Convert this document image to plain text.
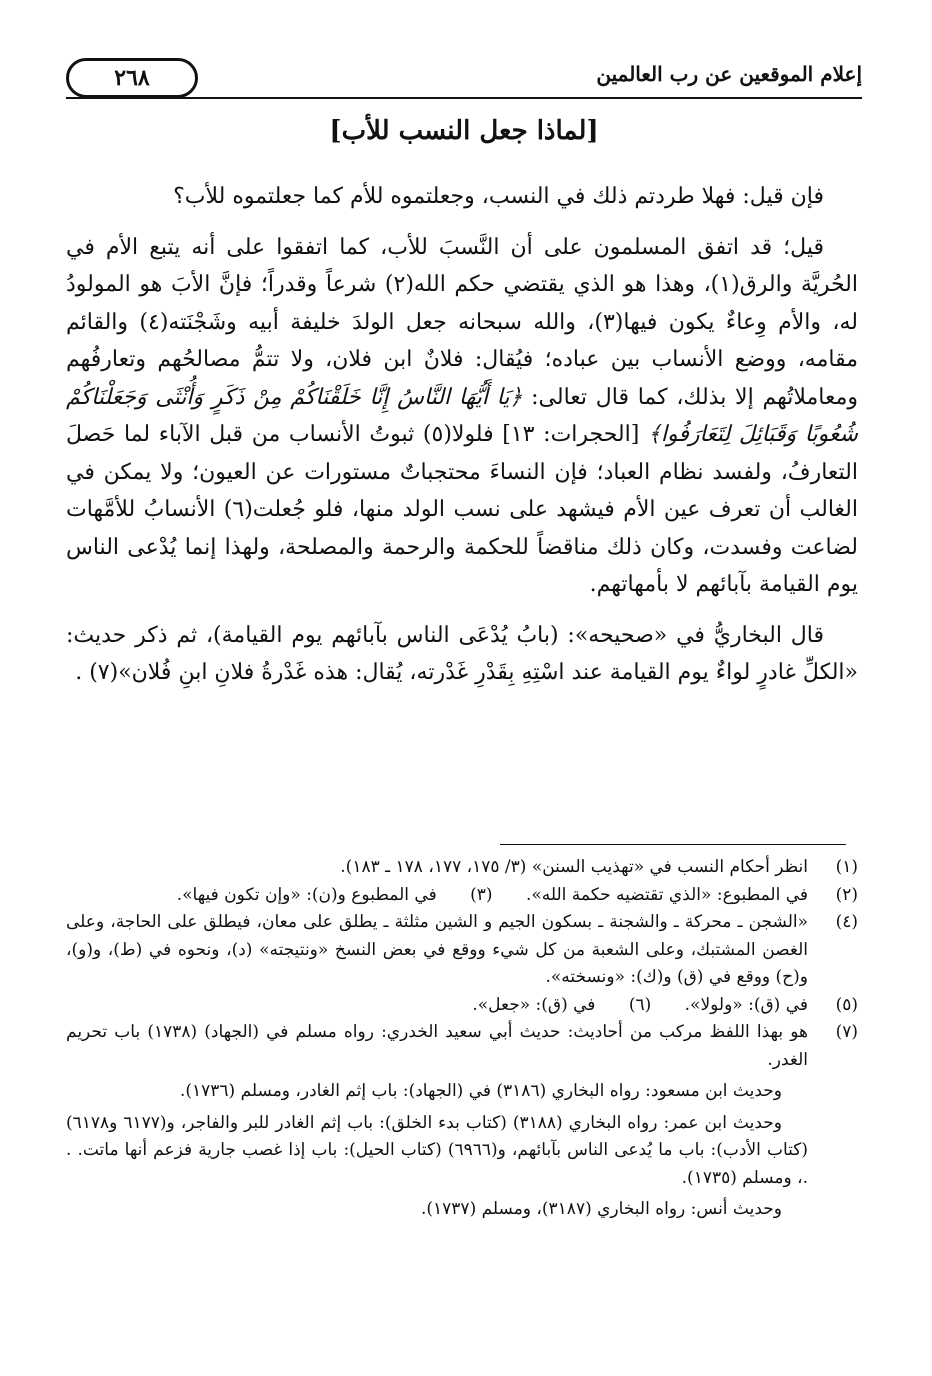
إعلام الموقعين عن رب العالمين
٢٦٨
[لماذا جعل النسب للأب]

فإن قيل: فهلا طردتم ذلك في النسب، وجعلتموه للأم كما جعلتموه للأب؟

قيل؛ قد اتفق المسلمون على أن النَّسبَ للأب، كما اتفقوا على أنه يتبع الأم في الحُريَّة والرق(١)، وهذا هو الذي يقتضي حكم الله(٢) شرعاً وقدراً؛ فإنَّ الأبَ هو المولودُ له، والأم وِعاءٌ يكون فيها(٣)، والله سبحانه جعل الولدَ خليفة أبيه وشَجْنَته(٤) والقائم مقامه، ووضع الأنساب بين عباده؛ فيُقال: فلانٌ ابن فلان، ولا تتمُّ مصالحُهم وتعارفُهم ومعاملاتُهم إلا بذلك، كما قال تعالى: ﴿يَا أَيُّهَا النَّاسُ إِنَّا خَلَقْنَاكُمْ مِنْ ذَكَرٍ وَأُنْثَى وَجَعَلْنَاكُمْ شُعُوبًا وَقَبَائِلَ لِتَعَارَفُوا﴾ [الحجرات: ١٣] فلولا(٥) ثبوتُ الأنساب من قبل الآباء لما حَصلَ التعارفُ، ولفسد نظام العباد؛ فإن النساءَ محتجباتٌ مستورات عن العيون؛ ولا يمكن في الغالب أن تعرف عين الأم فيشهد على نسب الولد منها، فلو جُعلت(٦) الأنسابُ للأمَّهات لضاعت وفسدت، وكان ذلك مناقضاً للحكمة والرحمة والمصلحة، ولهذا إنما يُدْعى الناس يوم القيامة بآبائهم لا بأمهاتهم.

قال البخاريُّ في «صحيحه»: (بابُ يُدْعَى الناس بآبائهم يوم القيامة)، ثم ذكر حديث: «الكلِّ غادرٍ لواءٌ يوم القيامة عند اسْتِهِ بِقَدْرِ غَدْرته، يُقال: هذه غَدْرةُ فلانِ ابنِ فُلان»(٧) .

(١)
انظر أحكام النسب في «تهذيب السنن» (٣/ ١٧٥، ١٧٧، ١٧٨ ـ ١٨٣).
(٢)
في المطبوع: «الذي تقتضيه حكمة الله». (٣) في المطبوع و(ن): «وإن تكون فيها».
(٤)
«الشجن ـ محركة ـ والشجنة ـ بسكون الجيم و الشين مثلثة ـ يطلق على معان، فيطلق على الحاجة، وعلى الغصن المشتبك، وعلى الشعبة من كل شيء ووقع في بعض النسخ «ونتيجته» (د)، ونحوه في (ط)، و(و)، و(ح) ووقع في (ق) و(ك): «ونسخته».
(٥)
في (ق): «ولولا». (٦) في (ق): «جعل».
(٧)
هو بهذا اللفظ مركب من أحاديث: حديث أبي سعيد الخدري: رواه مسلم في (الجهاد) (١٧٣٨) باب تحريم الغدر.
وحديث ابن مسعود: رواه البخاري (٣١٨٦) في (الجهاد): باب إثم الغادر، ومسلم (١٧٣٦).
وحديث ابن عمر: رواه البخاري (٣١٨٨) (كتاب بدء الخلق): باب إثم الغادر للبر والفاجر، و(٦١٧٧ و٦١٧٨) (كتاب الأدب): باب ما يُدعى الناس بآبائهم، و(٦٩٦٦) (كتاب الحيل): باب إذا غصب جارية فزعم أنها ماتت. . .، ومسلم (١٧٣٥).
وحديث أنس: رواه البخاري (٣١٨٧)، ومسلم (١٧٣٧).
